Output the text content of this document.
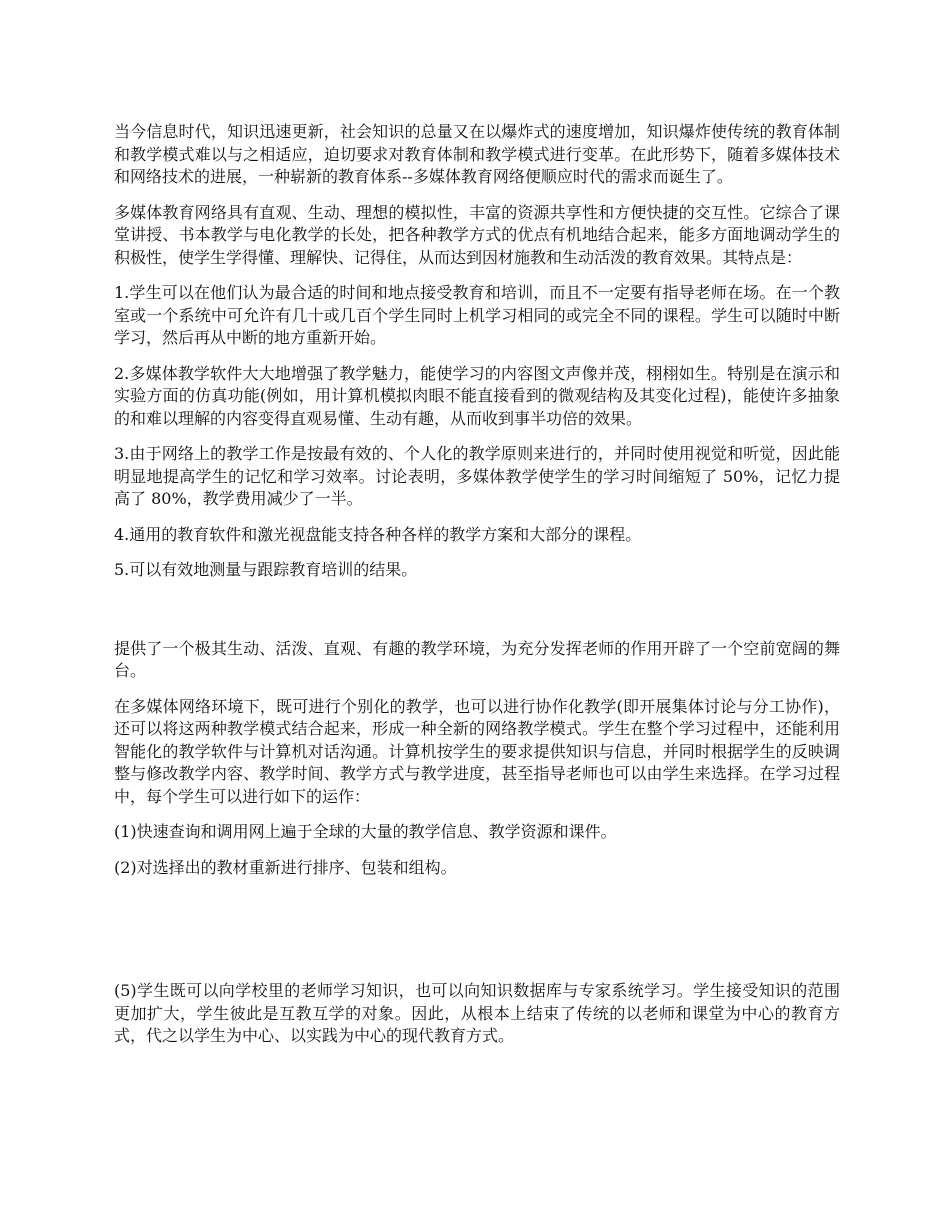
当今信息时代，知识迅速更新，社会知识的总量又在以爆炸式的速度增加，知识爆炸使传统的教育体制和教学模式难以与之相适应，迫切要求对教育体制和教学模式进行变革。在此形势下，随着多媒体技术和网络技术的进展，一种崭新的教育体系--多媒体教育网络便顺应时代的需求而诞生了。

多媒体教育网络具有直观、生动、理想的模拟性，丰富的资源共享性和方便快捷的交互性。它综合了课堂讲授、书本教学与电化教学的长处，把各种教学方式的优点有机地结合起来，能多方面地调动学生的积极性，使学生学得懂、理解快、记得住，从而达到因材施教和生动活泼的教育效果。其特点是：

1.学生可以在他们认为最合适的时间和地点接受教育和培训，而且不一定要有指导老师在场。在一个教室或一个系统中可允许有几十或几百个学生同时上机学习相同的或完全不同的课程。学生可以随时中断学习，然后再从中断的地方重新开始。

2.多媒体教学软件大大地增强了教学魅力，能使学习的内容图文声像并茂，栩栩如生。特别是在演示和实验方面的仿真功能(例如，用计算机模拟肉眼不能直接看到的微观结构及其变化过程)，能使许多抽象的和难以理解的内容变得直观易懂、生动有趣，从而收到事半功倍的效果。

3.由于网络上的教学工作是按最有效的、个人化的教学原则来进行的，并同时使用视觉和听觉，因此能明显地提高学生的记忆和学习效率。讨论表明，多媒体教学使学生的学习时间缩短了 50%，记忆力提高了 80%，教学费用减少了一半。

4.通用的教育软件和激光视盘能支持各种各样的教学方案和大部分的课程。

5.可以有效地测量与跟踪教育培训的结果。

提供了一个极其生动、活泼、直观、有趣的教学环境，为充分发挥老师的作用开辟了一个空前宽阔的舞台。

在多媒体网络环境下，既可进行个别化的教学，也可以进行协作化教学(即开展集体讨论与分工协作)，还可以将这两种教学模式结合起来，形成一种全新的网络教学模式。学生在整个学习过程中，还能利用智能化的教学软件与计算机对话沟通。计算机按学生的要求提供知识与信息，并同时根据学生的反映调整与修改教学内容、教学时间、教学方式与教学进度，甚至指导老师也可以由学生来选择。在学习过程中，每个学生可以进行如下的运作：

(1)快速查询和调用网上遍于全球的大量的教学信息、教学资源和课件。

(2)对选择出的教材重新进行排序、包装和组构。

(5)学生既可以向学校里的老师学习知识，也可以向知识数据库与专家系统学习。学生接受知识的范围更加扩大，学生彼此是互教互学的对象。因此，从根本上结束了传统的以老师和课堂为中心的教育方式，代之以学生为中心、以实践为中心的现代教育方式。
